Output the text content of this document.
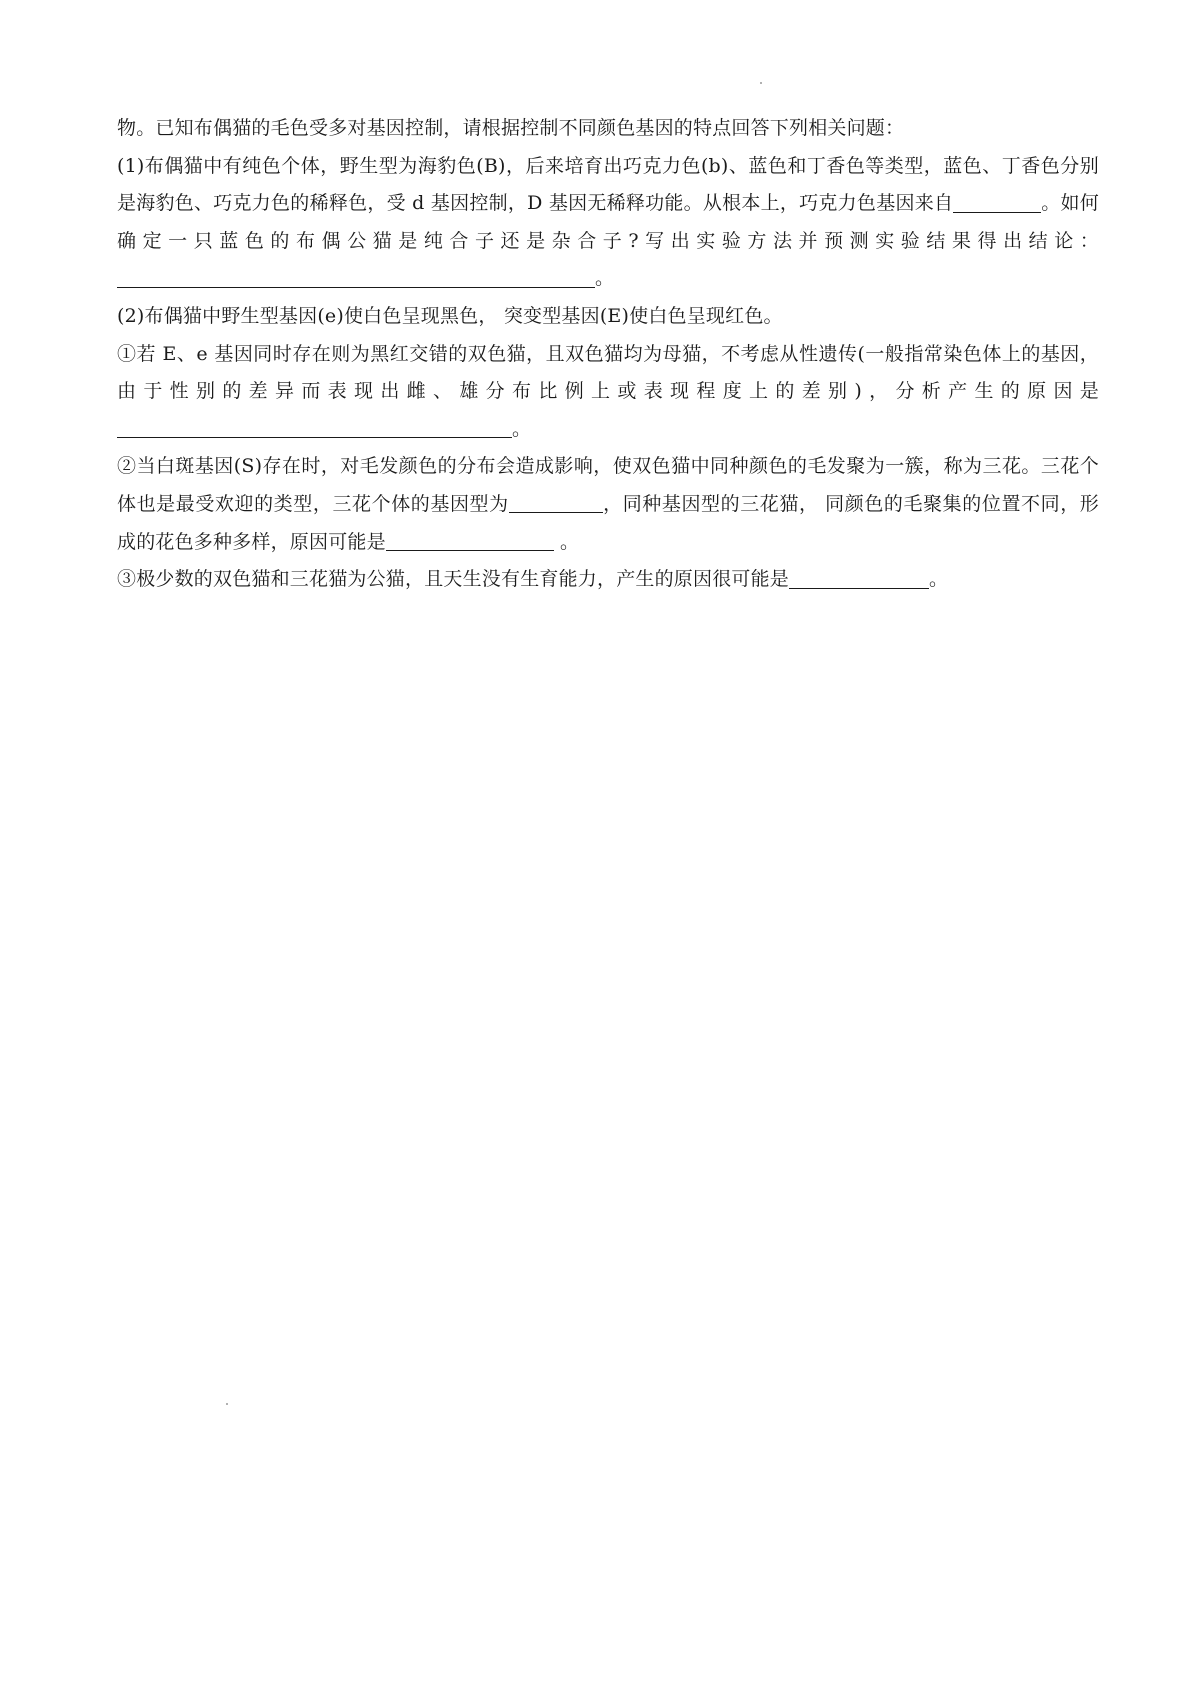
物。已知布偶猫的毛色受多对基因控制，请根据控制不同颜色基因的特点回答下列相关问题：

(1)布偶猫中有纯色个体，野生型为海豹色(B)，后来培育出巧克力色(b)、蓝色和丁香色等类型，蓝色、丁香色分别是海豹色、巧克力色的稀释色，受 d 基因控制，D 基因无稀释功能。从根本上，巧克力色基因来自	。如何确定一只蓝色的布偶公猫是纯合子还是杂合子?写出实验方法并预测实验结果得出结论：。

(2)布偶猫中野生型基因(e)使白色呈现黑色， 突变型基因(E)使白色呈现红色。

①若 E、e 基因同时存在则为黑红交错的双色猫，且双色猫均为母猫，不考虑从性遗传(一般指常染色体上的基因，由于性别的差异而表现出雌、雄分布比例上或表现程度上的差别)，分析产生的原因是。

②当白斑基因(S)存在时，对毛发颜色的分布会造成影响，使双色猫中同种颜色的毛发聚为一簇，称为三花。三花个体也是最受欢迎的类型，三花个体的基因型为	，同种基因型的三花猫， 同颜色的毛聚集的位置不同，形成的花色多种多样，原因可能是	。

③极少数的双色猫和三花猫为公猫，且天生没有生育能力，产生的原因很可能是	。
